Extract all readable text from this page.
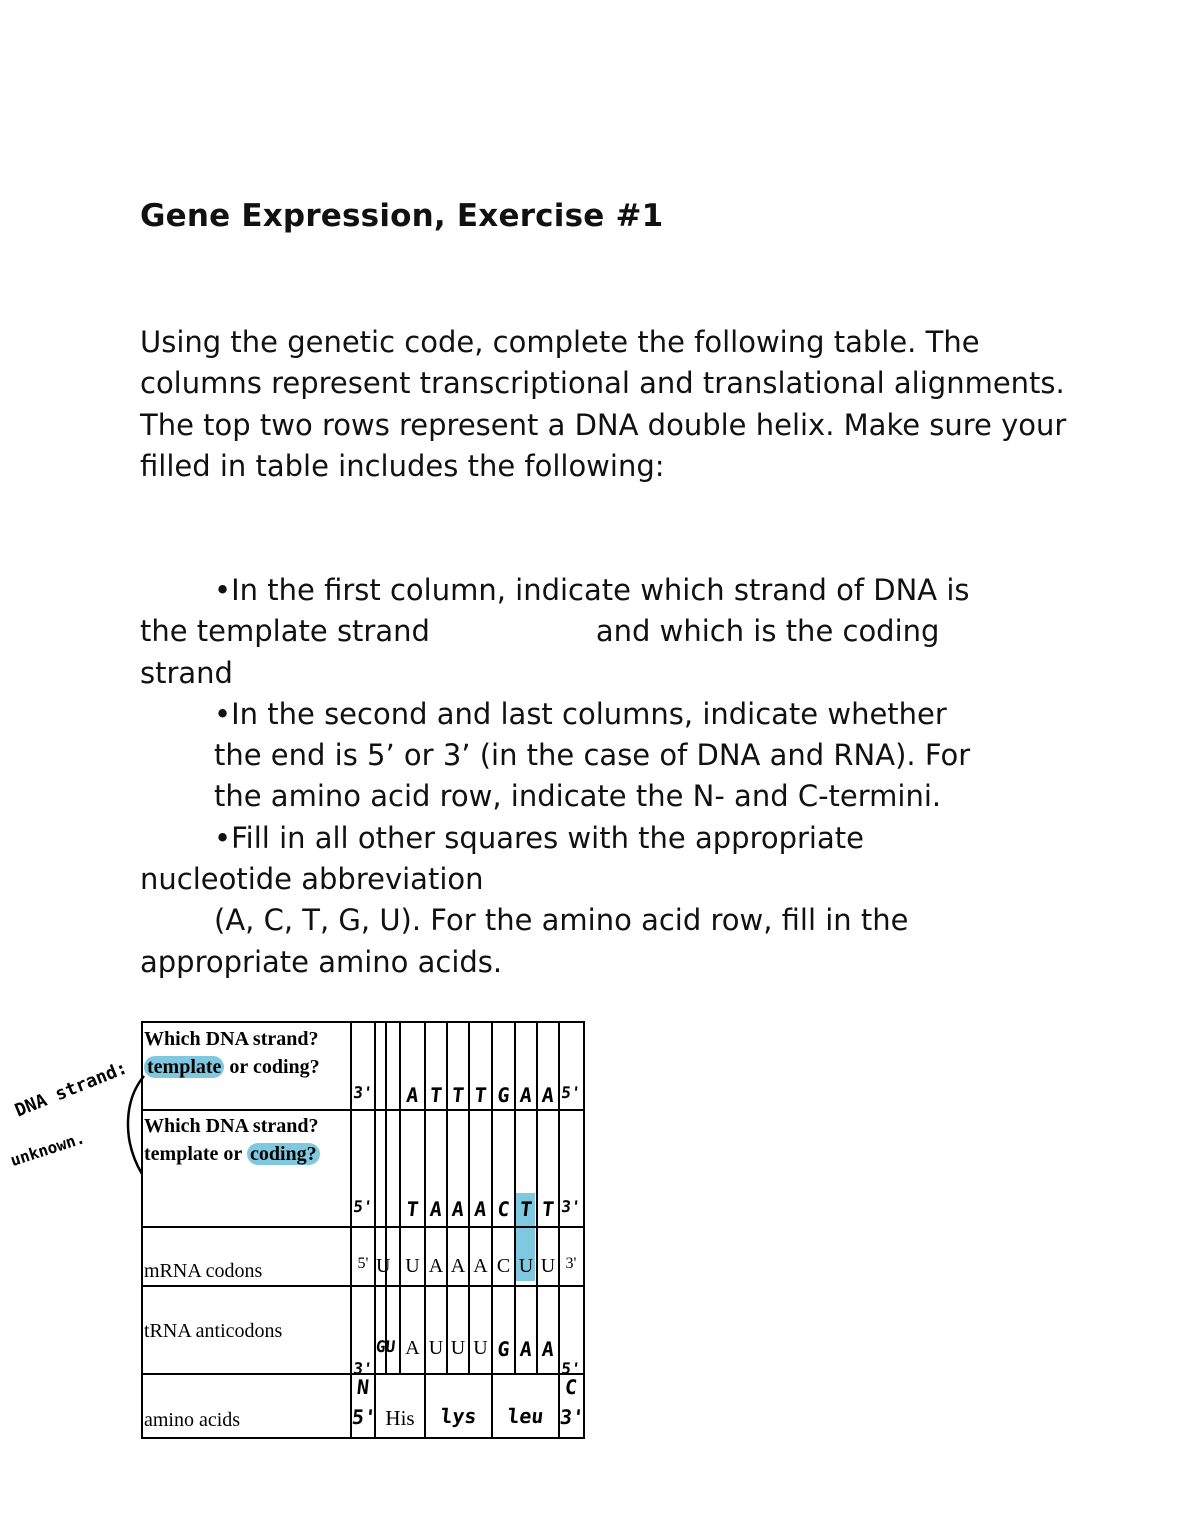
Gene Expression, Exercise #1

Using the genetic code, complete the following table. The columns represent transcriptional and translational alignments. The top two rows represent a DNA double helix. Make sure your filled in table includes the following:

•In the first column, indicate which strand of DNA is

the template strand                  and which is the coding

strand

•In the second and last columns, indicate whether

the end is 5’ or 3’ (in the case of DNA and RNA). For

the amino acid row, indicate the N- and C-termini.

•Fill in all other squares with the appropriate

nucleotide abbreviation

(A, C, T, G, U). For the amino acid row, fill in the

appropriate amino acids.

DNA strand:
unknown.
Which DNA strand?
template or coding?
Which DNA strand?
template or coding?
mRNA codons
tRNA anticodons
amino acids
3' A T T T G A A 5'
5' T A A A C T T 3'
5' U U A A A C U U 3'
3'
GU A U U U G A A
5'
N
5' His	lys	leu
C
3'
